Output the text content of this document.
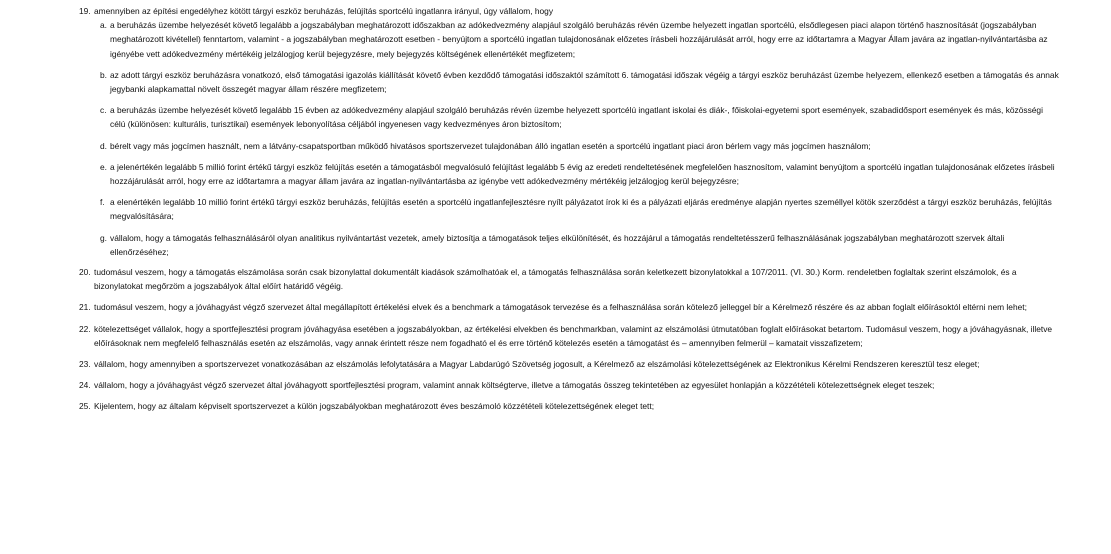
19. amennyiben az építési engedélyhez kötött tárgyi eszköz beruházás, felújítás sportcélú ingatlanra irányul, úgy vállalom, hogy
a. a beruházás üzembe helyezését követő legalább a jogszabályban meghatározott időszakban az adókedvezmény alapjául szolgáló beruházás révén üzembe helyezett ingatlan sportcélú, elsődlegesen piaci alapon történő hasznosítását (jogszabályban meghatározott kivétellel) fenntartom, valamint - a jogszabályban meghatározott esetben - benyújtom a sportcélú ingatlan tulajdonosának előzetes írásbeli hozzájárulását arról, hogy erre az időtartamra a Magyar Állam javára az ingatlan-nyilvántartásba az igényébe vett adókedvezmény mértékéig jelzálogjog kerül bejegyzésre, mely bejegyzés költségének ellenértékét megfizetem;
b. az adott tárgyi eszköz beruházásra vonatkozó, első támogatási igazolás kiállítását követő évben kezdődő támogatási időszaktól számított 6. támogatási időszak végéig a tárgyi eszköz beruházást üzembe helyezem, ellenkező esetben a támogatás és annak jegybanki alapkamattal növelt összegét magyar állam részére megfizetem;
c. a beruházás üzembe helyezését követő legalább 15 évben az adókedvezmény alapjául szolgáló beruházás révén üzembe helyezett sportcélú ingatlant iskolai és diák-, főiskolai-egyetemi sport események, szabadidősport események és más, közösségi célú (különösen: kulturális, turisztikai) események lebonyolítása céljából ingyenesen vagy kedvezményes áron biztosítom;
d. bérelt vagy más jogcímen használt, nem a látvány-csapatsportban működő hivatásos sportszervezet tulajdonában álló ingatlan esetén a sportcélú ingatlant piaci áron bérlem vagy más jogcímen használom;
e. a jelenértékén legalább 5 millió forint értékű tárgyi eszköz felújítás esetén a támogatásból megvalósuló felújítást legalább 5 évig az eredeti rendeltetésének megfelelően hasznosítom, valamint benyújtom a sportcélú ingatlan tulajdonosának előzetes írásbeli hozzájárulását arról, hogy erre az időtartamra a magyar állam javára az ingatlan-nyilvántartásba az igénybe vett adókedvezmény mértékéig jelzálogjog kerül bejegyzésre;
f. a elenértékén legalább 10 millió forint értékű tárgyi eszköz beruházás, felújítás esetén a sportcélú ingatlanfejlesztésre nyílt pályázatot írok ki és a pályázati eljárás eredménye alapján nyertes személlyel kötök szerződést a tárgyi eszköz beruházás, felújítás megvalósítására;
g. vállalom, hogy a támogatás felhasználásáról olyan analitikus nyilvántartást vezetek, amely biztosítja a támogatások teljes elkülönítését, és hozzájárul a támogatás rendeltetésszerű felhasználásának jogszabályban meghatározott szervek általi ellenőrzéséhez;
20. tudomásul veszem, hogy a támogatás elszámolása során csak bizonylattal dokumentált kiadások számolhatóak el, a támogatás felhasználása során keletkezett bizonylatokkal a 107/2011. (VI. 30.) Korm. rendeletben foglaltak szerint elszámolok, és a bizonylatokat megőrzöm a jogszabályok által előírt határidő végéig.
21. tudomásul veszem, hogy a jóváhagyást végző szervezet által megállapított értékelési elvek és a benchmark a támogatások tervezése és a felhasználása során kötelező jelleggel bír a Kérelmező részére és az abban foglalt előírásoktól eltérni nem lehet;
22. kötelezettséget vállalok, hogy a sportfejlesztési program jóváhagyása esetében a jogszabályokban, az értékelési elvekben és benchmarkban, valamint az elszámolási útmutatóban foglalt előírásokat betartom. Tudomásul veszem, hogy a jóváhagyásnak, illetve előírásoknak nem megfelelő felhasználás esetén az elszámolás, vagy annak érintett része nem fogadható el és erre történő kötelezés esetén a támogatást és – amennyiben felmerül – kamatait visszafizetem;
23. vállalom, hogy amennyiben a sportszervezet vonatkozásában az elszámolás lefolytatására a Magyar Labdarúgó Szövetség jogosult, a Kérelmező az elszámolási kötelezettségének az Elektronikus Kérelmi Rendszeren keresztül tesz eleget;
24. vállalom, hogy a jóváhagyást végző szervezet által jóváhagyott sportfejlesztési program, valamint annak költségterve, illetve a támogatás összeg tekintetében az egyesület honlapján a közzétételi kötelezettségnek eleget teszek;
25. Kijelentem, hogy az általam képviselt sportszervezet a külön jogszabályokban meghatározott éves beszámoló közzétételi kötelezettségének eleget tett;
